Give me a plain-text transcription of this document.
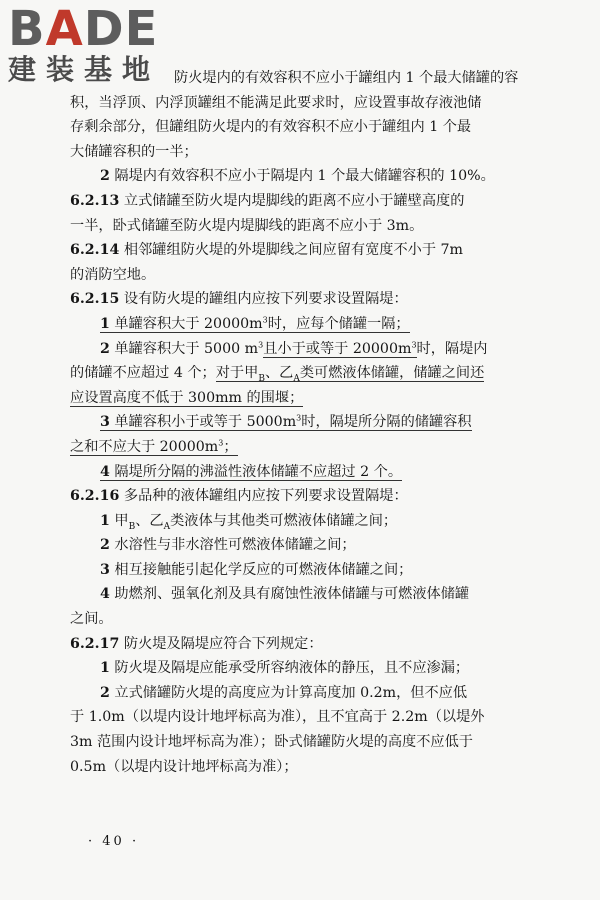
BADE
建装基地 防火堤内的有效容积不应小于罐组内 1 个最大储罐的容
积，当浮顶、内浮顶罐组不能满足此要求时，应设置事故存液池储
存剩余部分，但罐组防火堤内的有效容积不应小于罐组内 1 个最
大储罐容积的一半；
2 隔堤内有效容积不应小于隔堤内 1 个最大储罐容积的 10%。
6.2.13 立式储罐至防火堤内堤脚线的距离不应小于罐壁高度的
一半，卧式储罐至防火堤内堤脚线的距离不应小于 3m。
6.2.14 相邻罐组防火堤的外堤脚线之间应留有宽度不小于 7m
的消防空地。
6.2.15 设有防火堤的罐组内应按下列要求设置隔堤：
1 单罐容积大于 $20000m^3$时，应每个储罐一隔；
2 单罐容积大于 5000 $m^3$且小于或等于 $20000m^3$时，隔堤内
的储罐不应超过 4 个；对于甲$_B$、乙$_A$类可燃液体储罐，储罐之间还
应设置高度不低于 300mm 的围堰；
3 单罐容积小于或等于 $5000m^3$时，隔堤所分隔的储罐容积
之和不应大于 $20000m^3$；
4 隔堤所分隔的沸溢性液体储罐不应超过 2 个。
6.2.16 多品种的液体罐组内应按下列要求设置隔堤：
1 甲$_B$、乙$_A$类液体与其他类可燃液体储罐之间；
2 水溶性与非水溶性可燃液体储罐之间；
3 相互接触能引起化学反应的可燃液体储罐之间；
4 助燃剂、强氧化剂及具有腐蚀性液体储罐与可燃液体储罐
之间。
6.2.17 防火堤及隔堤应符合下列规定：
1 防火堤及隔堤应能承受所容纳液体的静压，且不应渗漏；
2 立式储罐防火堤的高度应为计算高度加 0.2m，但不应低
于 1.0m（以堤内设计地坪标高为准），且不宜高于 2.2m（以堤外
3m 范围内设计地坪标高为准）；卧式储罐防火堤的高度不应低于
0.5m（以堤内设计地坪标高为准）；
· 40 ·
